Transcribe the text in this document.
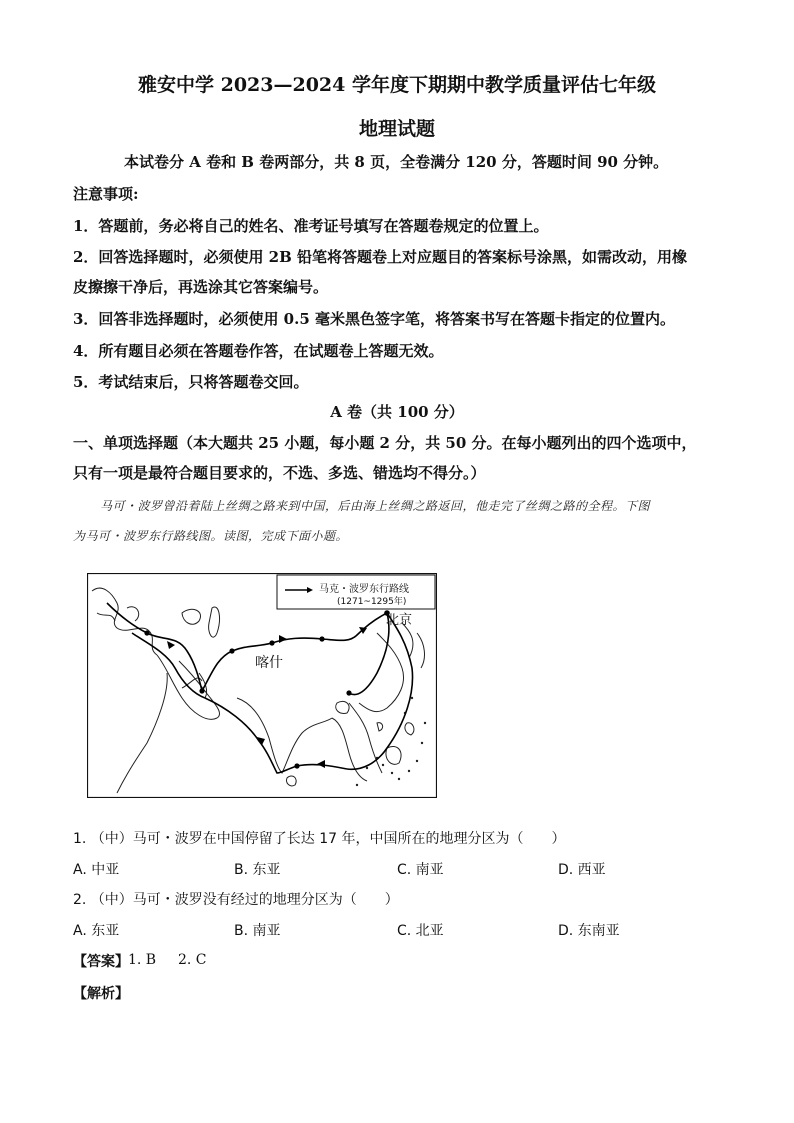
雅安中学 2023—2024 学年度下期期中教学质量评估七年级
地理试题
本试卷分 A 卷和 B 卷两部分，共 8 页，全卷满分 120 分，答题时间 90 分钟。
注意事项:
1．答题前，务必将自己的姓名、准考证号填写在答题卷规定的位置上。
2．回答选择题时，必须使用 2B 铅笔将答题卷上对应题目的答案标号涂黑，如需改动，用橡
皮擦擦干净后，再选涂其它答案编号。
3．回答非选择题时，必须使用 0.5 毫米黑色签字笔，将答案书写在答题卡指定的位置内。
4．所有题目必须在答题卷作答，在试题卷上答题无效。
5．考试结束后，只将答题卷交回。
A 卷（共 100 分）
一、单项选择题（本大题共 25 小题，每小题 2 分，共 50 分。在每小题列出的四个选项中，
只有一项是最符合题目要求的，不选、多选、错选均不得分。）
马可・波罗曾沿着陆上丝绸之路来到中国，后由海上丝绸之路返回，他走完了丝绸之路的全程。下图
为马可・波罗东行路线图。读图，完成下面小题。
马克・波罗东行路线
(1271~1295年)
北京
喀什
1. （中）马可・波罗在中国停留了长达 17 年，中国所在的地理分区为（　　）
A. 中亚	B. 东亚	C. 南亚	D. 西亚
2. （中）马可・波罗没有经过的地理分区为（　　）
A. 东亚	B. 南亚	C. 北亚	D. 东南亚
【答案】 1. B 2. C
【解析】
